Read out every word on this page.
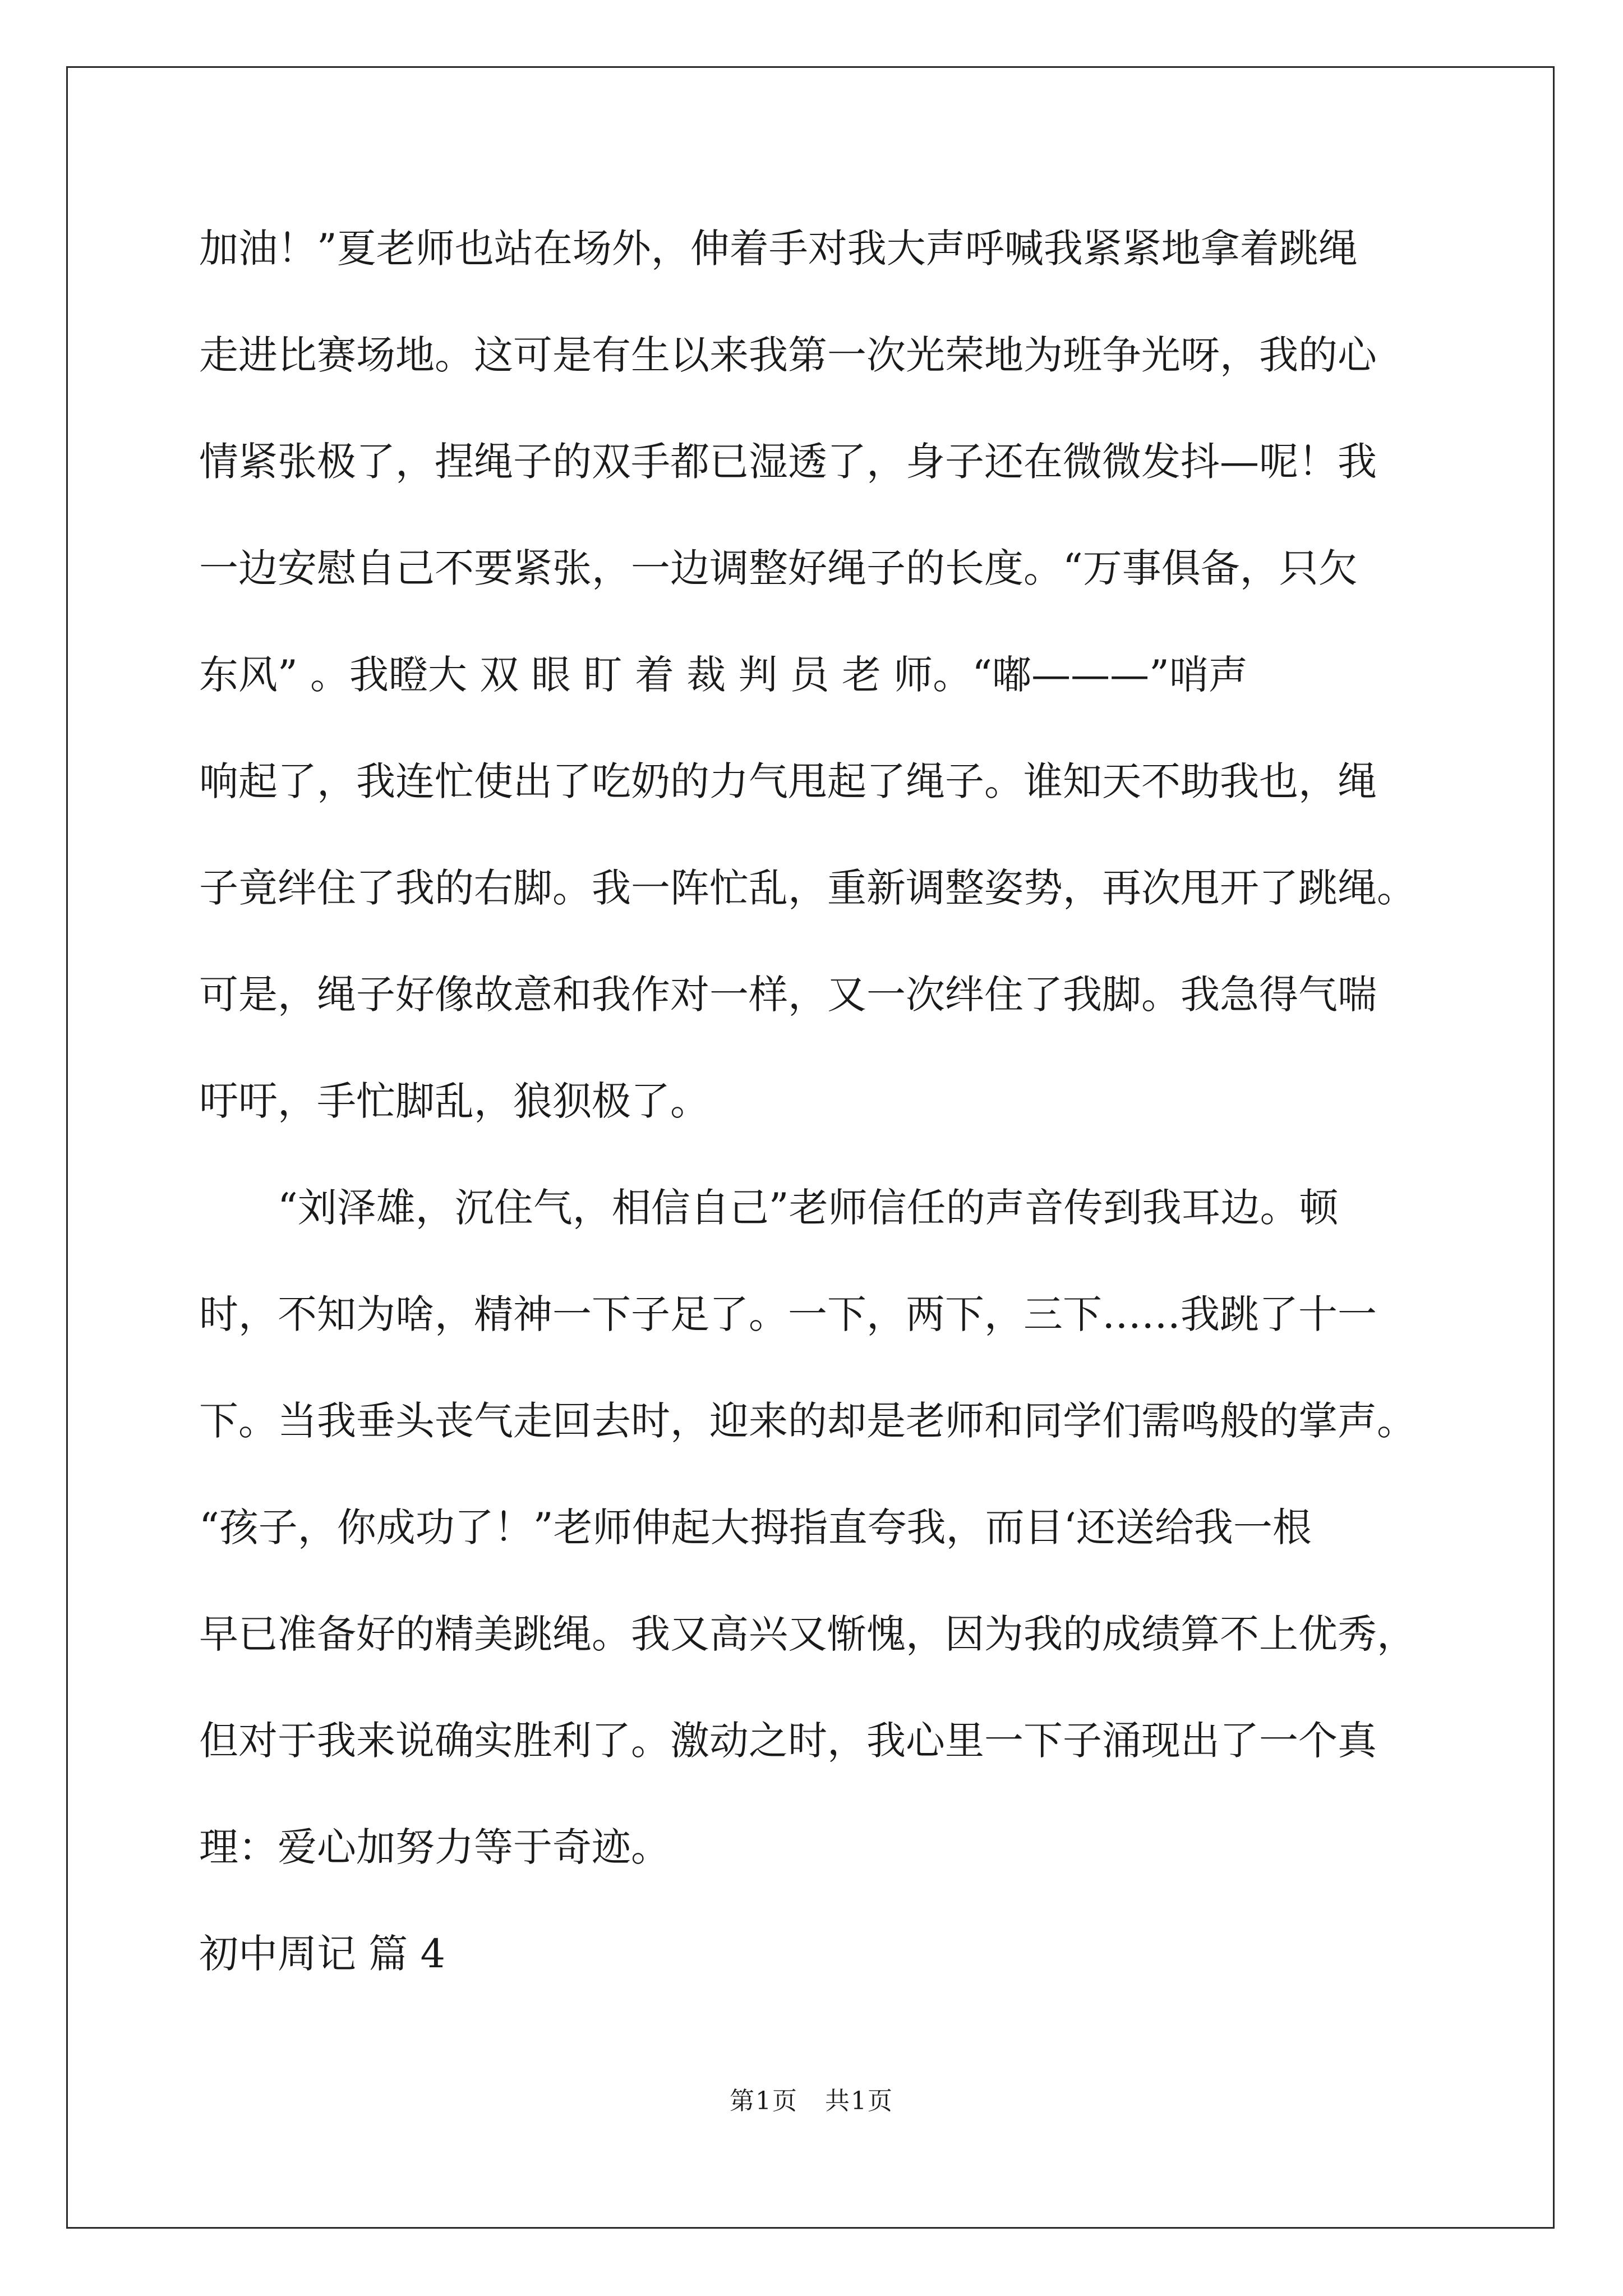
加油！”夏老师也站在场外，伸着手对我大声呼喊我紧紧地拿着跳绳
走进比赛场地。这可是有生以来我第一次光荣地为班争光呀，我的心
情紧张极了，捏绳子的双手都已湿透了，身子还在微微发抖—呢！我
一边安慰自己不要紧张，一边调整好绳子的长度。“万事俱备，只欠
东风” 。我瞪大 双 眼 盯 着 裁 判 员 老 师。“嘟———”哨声
响起了，我连忙使出了吃奶的力气甩起了绳子。谁知天不助我也，绳
子竟绊住了我的右脚。我一阵忙乱，重新调整姿势，再次甩开了跳绳。
可是，绳子好像故意和我作对一样，又一次绊住了我脚。我急得气喘
吁吁，手忙脚乱，狼狈极了。
“刘泽雄，沉住气，相信自己”老师信任的声音传到我耳边。顿
时，不知为啥，精神一下子足了。一下，两下，三下……我跳了十一
下。当我垂头丧气走回去时，迎来的却是老师和同学们需鸣般的掌声。
“孩子，你成功了！”老师伸起大拇指直夸我，而目‘还送给我一根
早已准备好的精美跳绳。我又高兴又惭愧，因为我的成绩算不上优秀，
但对于我来说确实胜利了。激动之时，我心里一下子涌现出了一个真
理：爱心加努力等于奇迹。
初中周记 篇 4
第1页   共1页
